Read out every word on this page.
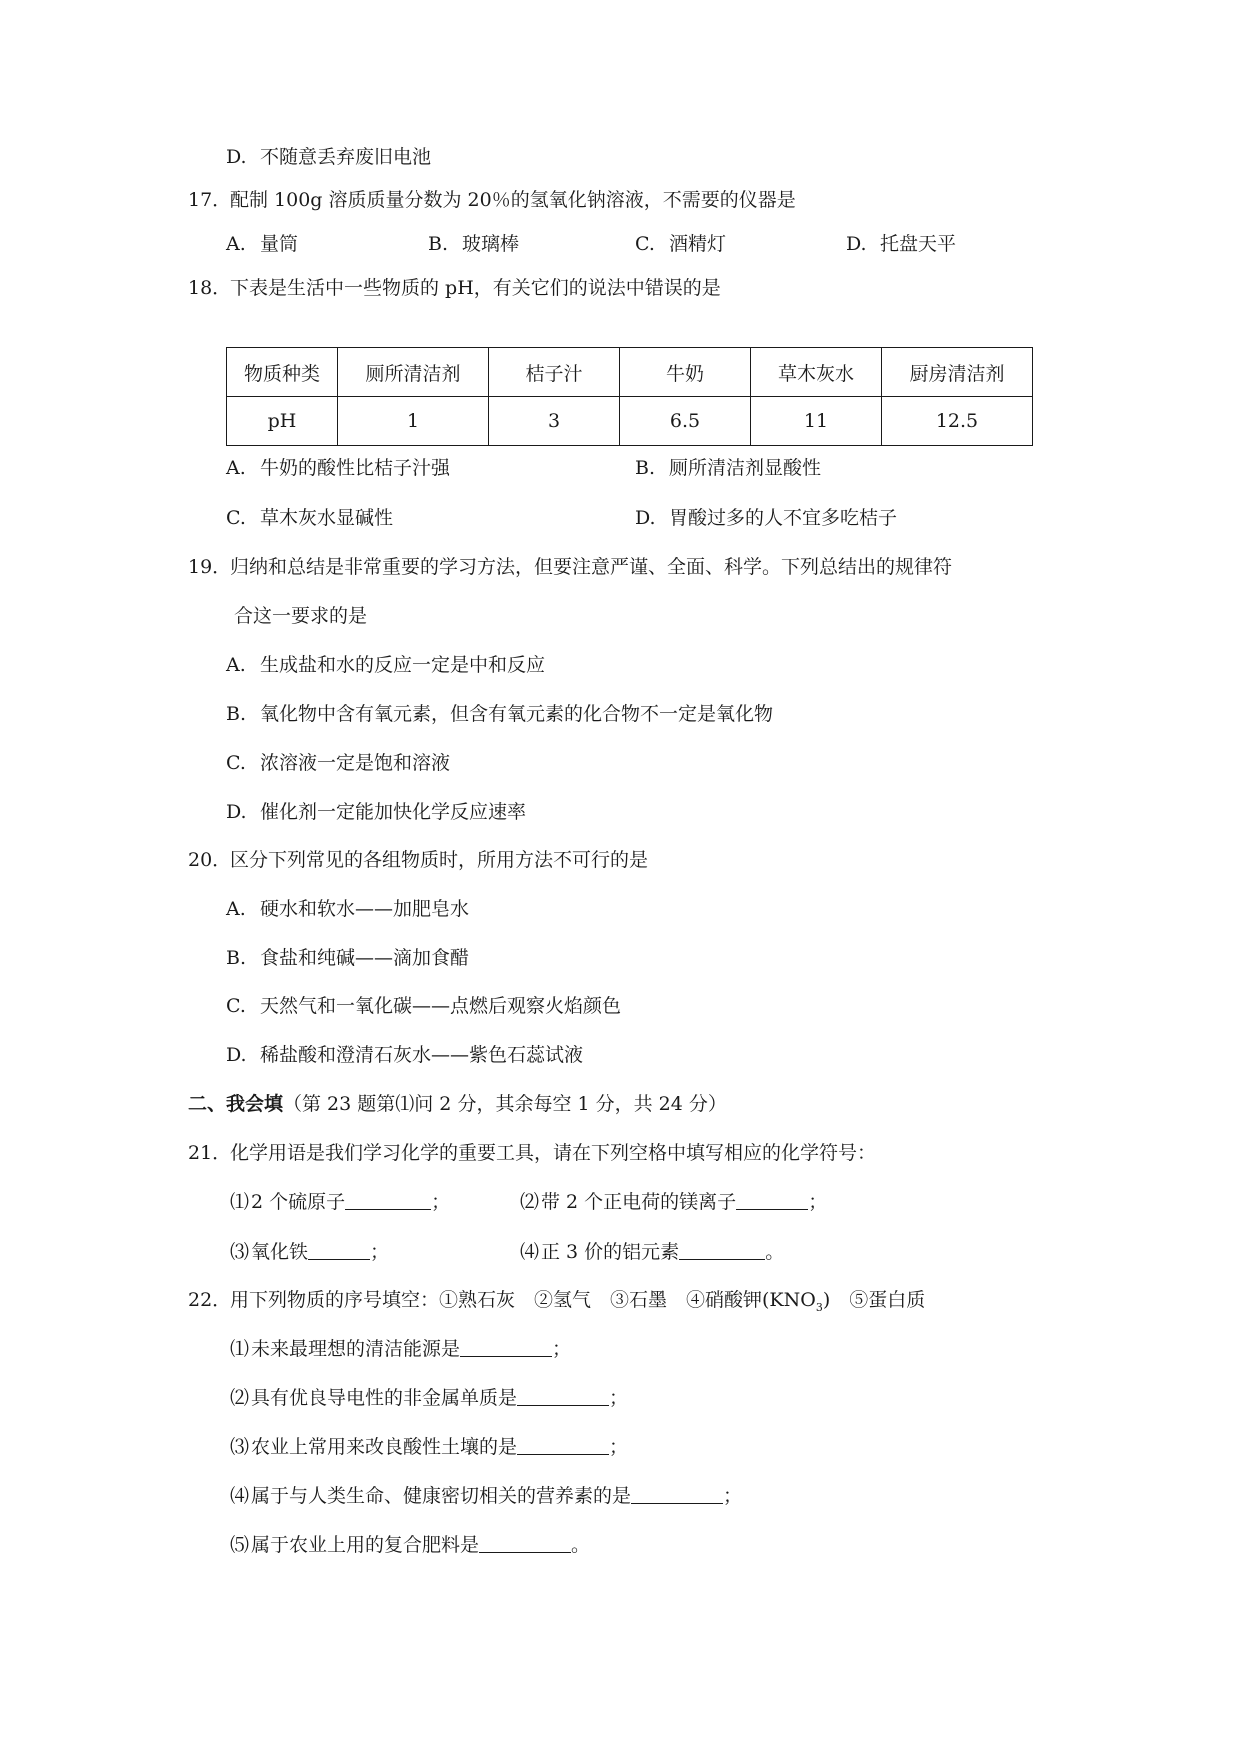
D. 不随意丢弃废旧电池
17．配制 100g 溶质质量分数为 20％的氢氧化钠溶液，不需要的仪器是
A. 量筒	B. 玻璃棒	C. 酒精灯	D. 托盘天平
18．下表是生活中一些物质的 pH，有关它们的说法中错误的是
物质种类	厕所清洁剂	桔子汁	牛奶	草木灰水	厨房清洁剂
pH	1	3	6.5	11	12.5
A. 牛奶的酸性比桔子汁强	B. 厕所清洁剂显酸性
C. 草木灰水显碱性	D. 胃酸过多的人不宜多吃桔子
19．归纳和总结是非常重要的学习方法，但要注意严谨、全面、科学。下列总结出的规律符
合这一要求的是
A. 生成盐和水的反应一定是中和反应
B. 氧化物中含有氧元素，但含有氧元素的化合物不一定是氧化物
C. 浓溶液一定是饱和溶液
D. 催化剂一定能加快化学反应速率
20．区分下列常见的各组物质时，所用方法不可行的是
A. 硬水和软水——加肥皂水
B. 食盐和纯碱——滴加食醋
C. 天然气和一氧化碳——点燃后观察火焰颜色
D. 稀盐酸和澄清石灰水——紫色石蕊试液
二、我会填（第 23 题第⑴问 2 分，其余每空 1 分，共 24 分）
21．化学用语是我们学习化学的重要工具，请在下列空格中填写相应的化学符号：
⑴ 2 个硫原子	；	⑵ 带 2 个正电荷的镁离子	；
⑶ 氧化铁	；	⑷ 正 3 价的铝元素	。
22．用下列物质的序号填空：①熟石灰　②氢气　③石墨　④硝酸钾$(KNO_3)$　⑤蛋白质
⑴ 未来最理想的清洁能源是	；
⑵ 具有优良导电性的非金属单质是	；
⑶ 农业上常用来改良酸性土壤的是	；
⑷ 属于与人类生命、健康密切相关的营养素的是	；
⑸ 属于农业上用的复合肥料是	。
